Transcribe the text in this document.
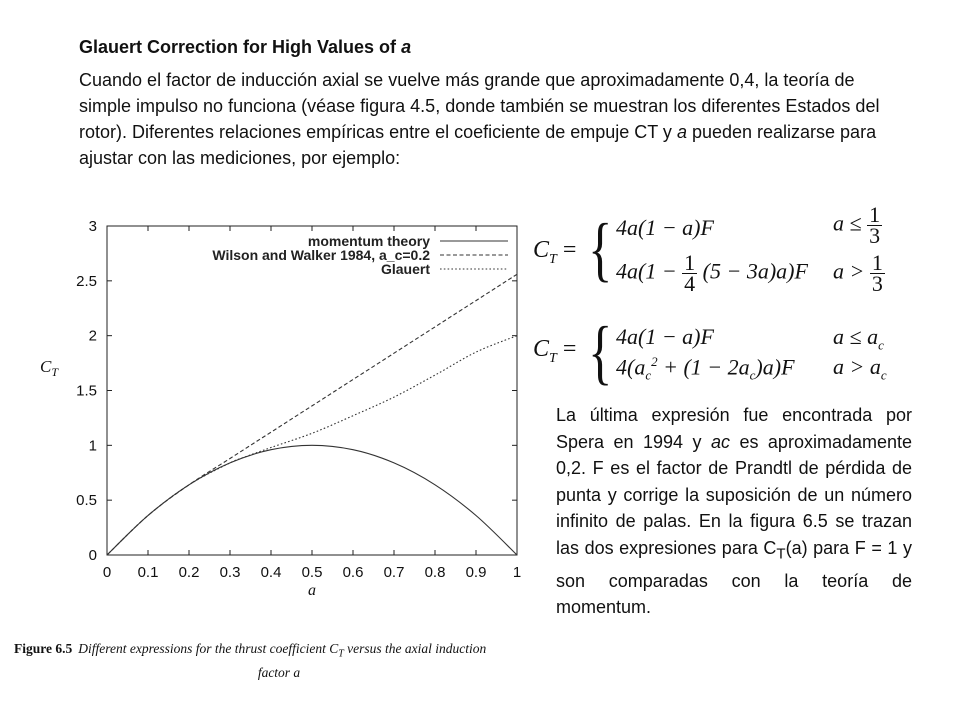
Glauert Correction for High Values of a

Cuando el factor de inducción axial se vuelve más grande que aproximadamente 0,4, la teoría de simple impulso no funciona (véase figura 4.5, donde también se muestran los diferentes Estados del rotor). Diferentes relaciones empíricas entre el coeficiente de empuje CT y a pueden realizarse para ajustar con las mediciones, por ejemplo:

0 0.1 0.2 0.3 0.4 0.5 0.6 0.7 0.8 0.9 1
0
0.5
1
1.5
2
2.5
3
a
$C_T$
momentum theory
Wilson and Walker 1984, a_c=0.2
Glauert
$C_T$ = { 4a(1 − a)F	$a \le \frac{1}{3}$
$4a(1 - \frac{1}{4} (5 - 3a)a)F$ $a > \frac{1}{3}$
$C_T$ = { 4a(1 − a)F	$a \le a_c$
$4(a_c^2 + (1 - 2a_c)a)F$ $a > a_c$

La última expresión fue encontrada por Spera en 1994 y ac es aproximadamente 0,2. F es el factor de Prandtl de pérdida de punta y corrige la suposición de un número infinito de palas. En la figura 6.5 se trazan las dos expresiones para $C_T(a)$ para F = 1 y son comparadas con la teoría de momentum.

Figure 6.5 Different expressions for the thrust coefficient $C_T$ versus the axial induction
factor a
